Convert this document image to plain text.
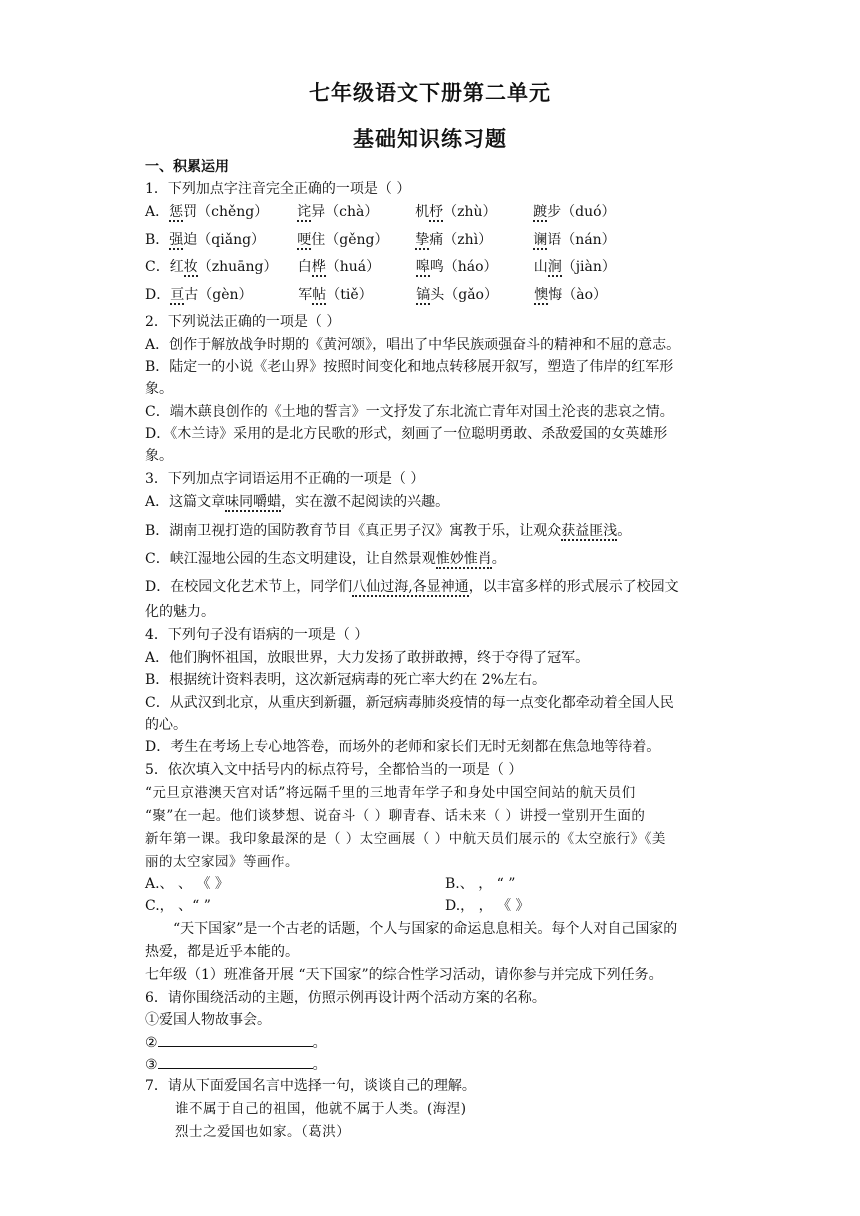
七年级语文下册第二单元
基础知识练习题
一、积累运用
1．下列加点字注音完全正确的一项是（ ）
A．惩罚（chěng） 诧异（chà）	机杼（zhù）	踱步（duó）
B．强迫（qiǎng） 哽住（gěng） 挚痛（zhì）	谰语（nán）
C．红妆（zhuāng） 白桦（huá）	嗥鸣（háo）	山涧（jiàn）
D．亘古（gèn）	军帖（tiě）	镐头（gǎo）	懊悔（ào）
2．下列说法正确的一项是（ ）
A．创作于解放战争时期的《黄河颂》，唱出了中华民族顽强奋斗的精神和不屈的意志。
B．陆定一的小说《老山界》按照时间变化和地点转移展开叙写，塑造了伟岸的红军形
象。
C．端木蕻良创作的《土地的誓言》一文抒发了东北流亡青年对国土沦丧的悲哀之情。
D．《木兰诗》采用的是北方民歌的形式，刻画了一位聪明勇敢、杀敌爱国的女英雄形
象。
3．下列加点字词语运用不正确的一项是（ ）
A．这篇文章味同嚼蜡，实在激不起阅读的兴趣。
B．湖南卫视打造的国防教育节目《真正男子汉》寓教于乐，让观众获益匪浅。
C．峡江湿地公园的生态文明建设，让自然景观惟妙惟肖。
D．在校园文化艺术节上，同学们八仙过海,各显神通，以丰富多样的形式展示了校园文
化的魅力。
4．下列句子没有语病的一项是（ ）
A．他们胸怀祖国，放眼世界，大力发扬了敢拼敢搏，终于夺得了冠军。
B．根据统计资料表明，这次新冠病毒的死亡率大约在 2%左右。
C．从武汉到北京，从重庆到新疆，新冠病毒肺炎疫情的每一点变化都牵动着全国人民
的心。
D．考生在考场上专心地答卷，而场外的老师和家长们无时无刻都在焦急地等待着。
5．依次填入文中括号内的标点符号，全都恰当的一项是（ ）
“元旦京港澳天宫对话”将远隔千里的三地青年学子和身处中国空间站的航天员们
“聚”在一起。他们谈梦想、说奋斗（ ）聊青春、话未来（ ）讲授一堂别开生面的
新年第一课。我印象最深的是（ ）太空画展（ ）中航天员们展示的《太空旅行》《美
丽的太空家园》等画作。
A.、 、 《 》	B.、 ， “ ”
C.， 、“ ”	D.， ， 《 》
“天下国家”是一个古老的话题，个人与国家的命运息息相关。每个人对自己国家的
热爱，都是近乎本能的。
七年级（1）班准备开展 “天下国家”的综合性学习活动，请你参与并完成下列任务。
6．请你围绕活动的主题，仿照示例再设计两个活动方案的名称。
①爱国人物故事会。
②	。
③	。
7．请从下面爱国名言中选择一句，谈谈自己的理解。
谁不属于自己的祖国，他就不属于人类。(海涅)
烈士之爱国也如家。（葛洪）
